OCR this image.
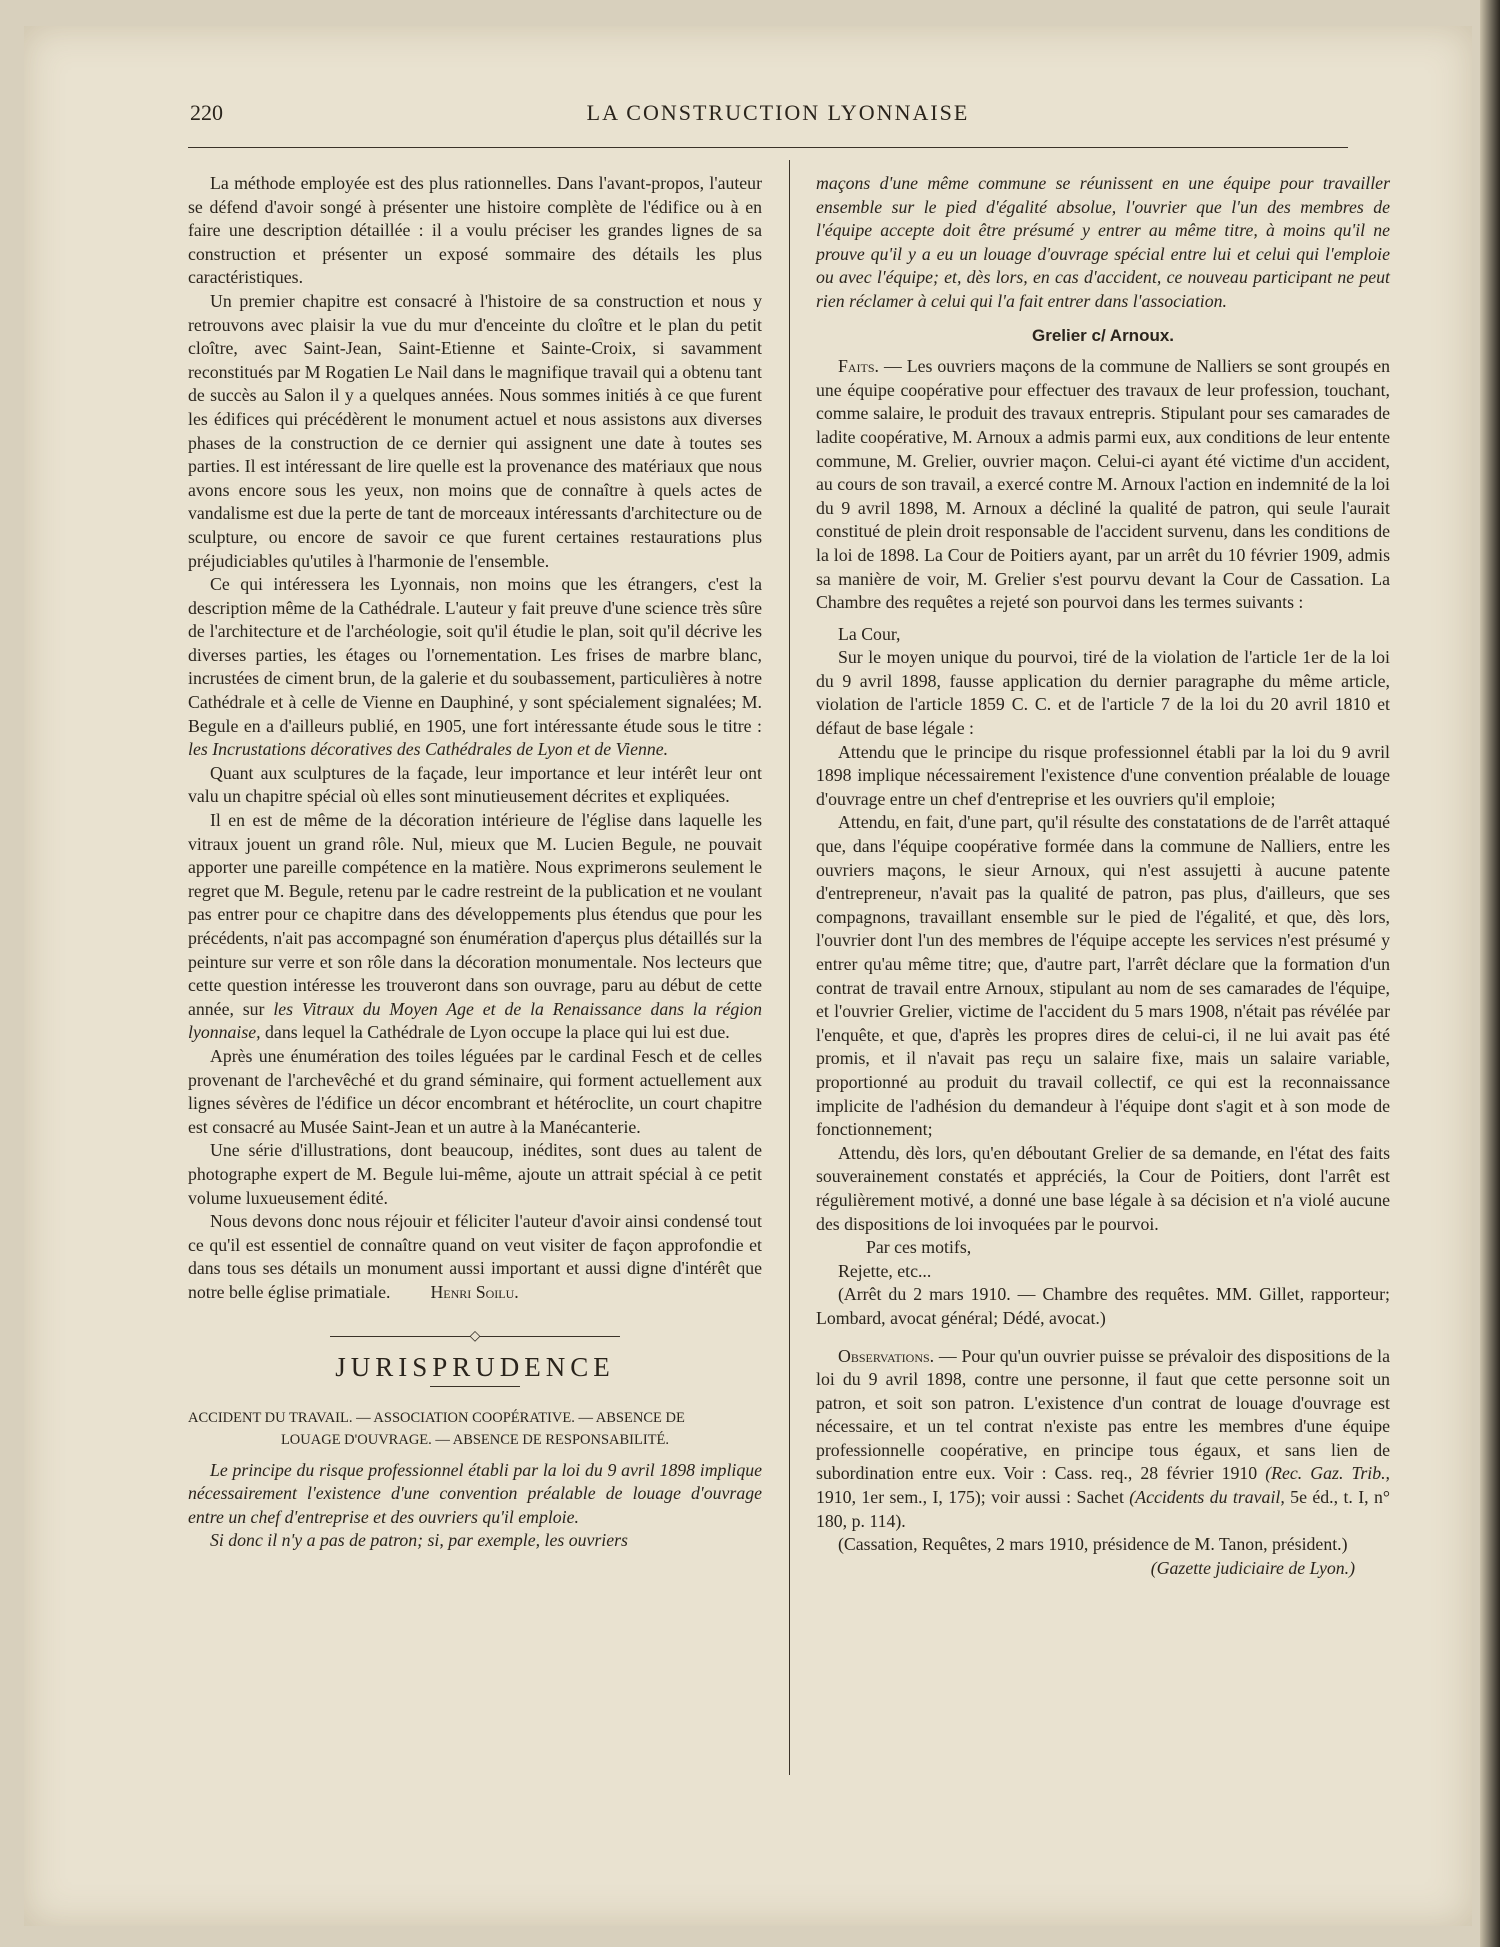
220	LA CONSTRUCTION LYONNAISE

La méthode employée est des plus rationnelles. Dans l'avant-propos, l'auteur se défend d'avoir songé à présenter une histoire complète de l'édifice ou à en faire une description détaillée : il a voulu préciser les grandes lignes de sa construction et présenter un exposé sommaire des détails les plus caractéristiques.

Un premier chapitre est consacré à l'histoire de sa construction et nous y retrouvons avec plaisir la vue du mur d'enceinte du cloître et le plan du petit cloître, avec Saint-Jean, Saint-Etienne et Sainte-Croix, si savamment reconstitués par M Rogatien Le Nail dans le magnifique travail qui a obtenu tant de succès au Salon il y a quelques années. Nous sommes initiés à ce que furent les édifices qui précédèrent le monument actuel et nous assistons aux diverses phases de la construction de ce dernier qui assignent une date à toutes ses parties. Il est intéressant de lire quelle est la provenance des matériaux que nous avons encore sous les yeux, non moins que de connaître à quels actes de vandalisme est due la perte de tant de morceaux intéressants d'architecture ou de sculpture, ou encore de savoir ce que furent certaines restaurations plus préjudiciables qu'utiles à l'harmonie de l'ensemble.

Ce qui intéressera les Lyonnais, non moins que les étrangers, c'est la description même de la Cathédrale. L'auteur y fait preuve d'une science très sûre de l'architecture et de l'archéologie, soit qu'il étudie le plan, soit qu'il décrive les diverses parties, les étages ou l'ornementation. Les frises de marbre blanc, incrustées de ciment brun, de la galerie et du soubassement, particulières à notre Cathédrale et à celle de Vienne en Dauphiné, y sont spécialement signalées; M. Begule en a d'ailleurs publié, en 1905, une fort intéressante étude sous le titre : les Incrustations décoratives des Cathédrales de Lyon et de Vienne.

Quant aux sculptures de la façade, leur importance et leur intérêt leur ont valu un chapitre spécial où elles sont minutieusement décrites et expliquées.

Il en est de même de la décoration intérieure de l'église dans laquelle les vitraux jouent un grand rôle. Nul, mieux que M. Lucien Begule, ne pouvait apporter une pareille compétence en la matière. Nous exprimerons seulement le regret que M. Begule, retenu par le cadre restreint de la publication et ne voulant pas entrer pour ce chapitre dans des développements plus étendus que pour les précédents, n'ait pas accompagné son énumération d'aperçus plus détaillés sur la peinture sur verre et son rôle dans la décoration monumentale. Nos lecteurs que cette question intéresse les trouveront dans son ouvrage, paru au début de cette année, sur les Vitraux du Moyen Age et de la Renaissance dans la région lyonnaise, dans lequel la Cathédrale de Lyon occupe la place qui lui est due.

Après une énumération des toiles léguées par le cardinal Fesch et de celles provenant de l'archevêché et du grand séminaire, qui forment actuellement aux lignes sévères de l'édifice un décor encombrant et hétéroclite, un court chapitre est consacré au Musée Saint-Jean et un autre à la Manécanterie.

Une série d'illustrations, dont beaucoup, inédites, sont dues au talent de photographe expert de M. Begule lui-même, ajoute un attrait spécial à ce petit volume luxueusement édité.

Nous devons donc nous réjouir et féliciter l'auteur d'avoir ainsi condensé tout ce qu'il est essentiel de connaître quand on veut visiter de façon approfondie et dans tous ses détails un monument aussi important et aussi digne d'intérêt que notre belle église primatiale. Henri Soilu.

◇
JURISPRUDENCE
ACCIDENT DU TRAVAIL. — ASSOCIATION COOPÉRATIVE. — ABSENCE DE
LOUAGE D'OUVRAGE. — ABSENCE DE RESPONSABILITÉ.

Le principe du risque professionnel établi par la loi du 9 avril 1898 implique nécessairement l'existence d'une convention préalable de louage d'ouvrage entre un chef d'entreprise et des ouvriers qu'il emploie.

Si donc il n'y a pas de patron; si, par exemple, les ouvriers

maçons d'une même commune se réunissent en une équipe pour travailler ensemble sur le pied d'égalité absolue, l'ouvrier que l'un des membres de l'équipe accepte doit être présumé y entrer au même titre, à moins qu'il ne prouve qu'il y a eu un louage d'ouvrage spécial entre lui et celui qui l'emploie ou avec l'équipe; et, dès lors, en cas d'accident, ce nouveau participant ne peut rien réclamer à celui qui l'a fait entrer dans l'association.

Grelier c/ Arnoux.

Faits. — Les ouvriers maçons de la commune de Nalliers se sont groupés en une équipe coopérative pour effectuer des travaux de leur profession, touchant, comme salaire, le produit des travaux entrepris. Stipulant pour ses camarades de ladite coopérative, M. Arnoux a admis parmi eux, aux conditions de leur entente commune, M. Grelier, ouvrier maçon. Celui-ci ayant été victime d'un accident, au cours de son travail, a exercé contre M. Arnoux l'action en indemnité de la loi du 9 avril 1898, M. Arnoux a décliné la qualité de patron, qui seule l'aurait constitué de plein droit responsable de l'accident survenu, dans les conditions de la loi de 1898. La Cour de Poitiers ayant, par un arrêt du 10 février 1909, admis sa manière de voir, M. Grelier s'est pourvu devant la Cour de Cassation. La Chambre des requêtes a rejeté son pourvoi dans les termes suivants :

La Cour,

Sur le moyen unique du pourvoi, tiré de la violation de l'article 1er de la loi du 9 avril 1898, fausse application du dernier paragraphe du même article, violation de l'article 1859 C. C. et de l'article 7 de la loi du 20 avril 1810 et défaut de base légale :

Attendu que le principe du risque professionnel établi par la loi du 9 avril 1898 implique nécessairement l'existence d'une convention préalable de louage d'ouvrage entre un chef d'entreprise et les ouvriers qu'il emploie;

Attendu, en fait, d'une part, qu'il résulte des constatations de de l'arrêt attaqué que, dans l'équipe coopérative formée dans la commune de Nalliers, entre les ouvriers maçons, le sieur Arnoux, qui n'est assujetti à aucune patente d'entrepreneur, n'avait pas la qualité de patron, pas plus, d'ailleurs, que ses compagnons, travaillant ensemble sur le pied de l'égalité, et que, dès lors, l'ouvrier dont l'un des membres de l'équipe accepte les services n'est présumé y entrer qu'au même titre; que, d'autre part, l'arrêt déclare que la formation d'un contrat de travail entre Arnoux, stipulant au nom de ses camarades de l'équipe, et l'ouvrier Grelier, victime de l'accident du 5 mars 1908, n'était pas révélée par l'enquête, et que, d'après les propres dires de celui-ci, il ne lui avait pas été promis, et il n'avait pas reçu un salaire fixe, mais un salaire variable, proportionné au produit du travail collectif, ce qui est la reconnaissance implicite de l'adhésion du demandeur à l'équipe dont s'agit et à son mode de fonctionnement;

Attendu, dès lors, qu'en déboutant Grelier de sa demande, en l'état des faits souverainement constatés et appréciés, la Cour de Poitiers, dont l'arrêt est régulièrement motivé, a donné une base légale à sa décision et n'a violé aucune des dispositions de loi invoquées par le pourvoi.

Par ces motifs,

Rejette, etc...

(Arrêt du 2 mars 1910. — Chambre des requêtes. MM. Gillet, rapporteur; Lombard, avocat général; Dédé, avocat.)

Observations. — Pour qu'un ouvrier puisse se prévaloir des dispositions de la loi du 9 avril 1898, contre une personne, il faut que cette personne soit un patron, et soit son patron. L'existence d'un contrat de louage d'ouvrage est nécessaire, et un tel contrat n'existe pas entre les membres d'une équipe professionnelle coopérative, en principe tous égaux, et sans lien de subordination entre eux. Voir : Cass. req., 28 février 1910 (Rec. Gaz. Trib., 1910, 1er sem., I, 175); voir aussi : Sachet (Accidents du travail, 5e éd., t. I, n° 180, p. 114).

(Cassation, Requêtes, 2 mars 1910, présidence de M. Tanon, président.)

(Gazette judiciaire de Lyon.)
